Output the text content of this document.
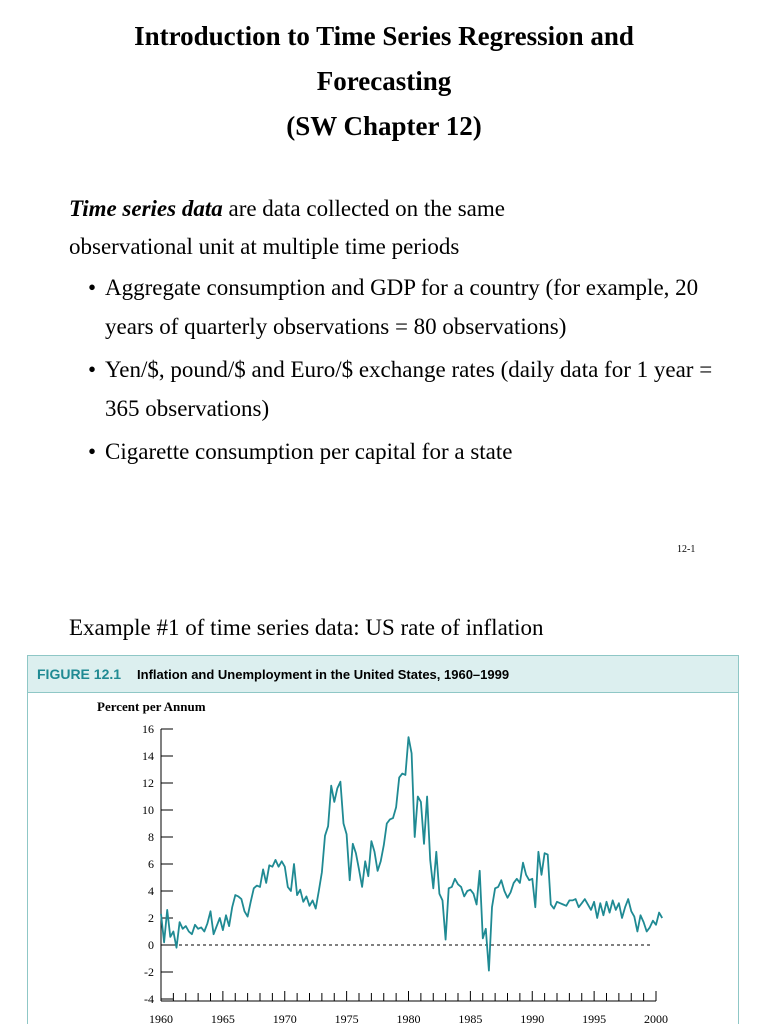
Introduction to Time Series Regression and
Forecasting
(SW Chapter 12)
Time series data are data collected on the same
observational unit at multiple time periods
• Aggregate consumption and GDP for a country (for example, 20 years of quarterly observations = 80 observations)
• Yen/$, pound/$ and Euro/$ exchange rates (daily data for 1 year = 365 observations)
• Cigarette consumption per capital for a state
12-1
Example #1 of time series data: US rate of inflation
FIGURE 12.1 Inflation and Unemployment in the United States, 1960–1999
Percent per Annum
16
14
12
10
8
6
4
2
0
-2
-4
1960	1965	1970	1975	1980	1985	1990	1995	2000
